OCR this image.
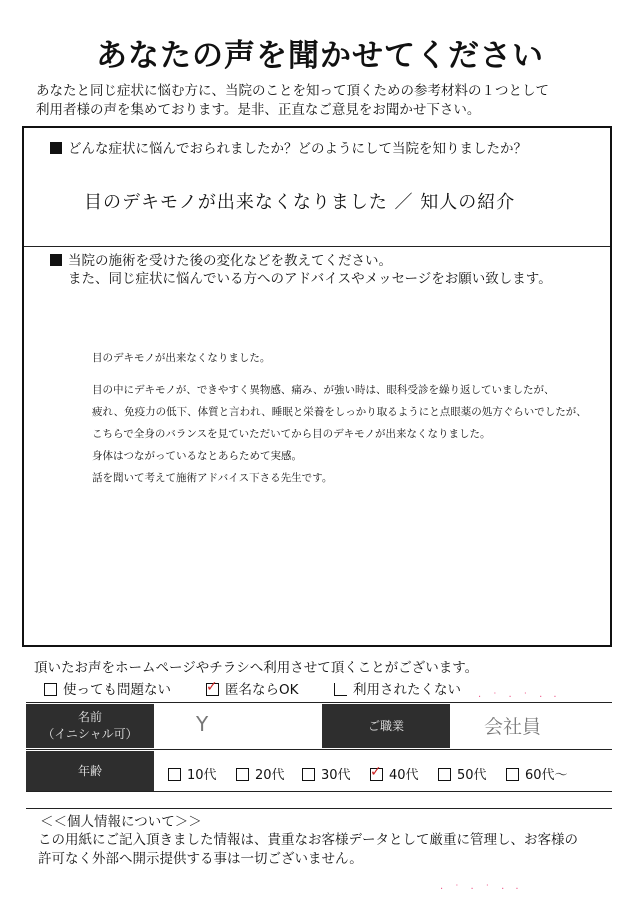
あなたの声を聞かせてください
あなたと同じ症状に悩む方に、当院のことを知って頂くための参考材料の１つとして
利用者様の声を集めております。是非、正直なご意見をお聞かせ下さい。
どんな症状に悩んでおられましたか？どのようにして当院を知りましたか？
目のデキモノが出来なくなりました ／ 知人の紹介
当院の施術を受けた後の変化などを教えてください。
また、同じ症状に悩んでいる方へのアドバイスやメッセージをお願い致します。
目のデキモノが出来なくなりました。
目の中にデキモノが、できやすく異物感、痛み、が強い時は、眼科受診を繰り返していましたが、
疲れ、免疫力の低下、体質と言われ、睡眠と栄養をしっかり取るようにと点眼薬の処方ぐらいでしたが、
こちらで全身のバランスを見ていただいてから目のデキモノが出来なくなりました。
身体はつながっているなとあらためて実感。
話を聞いて考えて施術アドバイス下さる先生です。
頂いたお声をホームページやチラシへ利用させて頂くことがございます。
使っても問題ない	✓ 匿名ならOK	利用されたくない · ˙ · ˙ · ·
名前
（イニシャル可）	Y	ご職業	会社員
年齢	10代	20代	30代 ✓ 40代	50代	60代～
＜＜個人情報について＞＞
この用紙にご記入頂きました情報は、貴重なお客様データとして厳重に管理し、お客様の
許可なく外部へ開示提供する事は一切ございません。
· ˙ · ˙ · ·
